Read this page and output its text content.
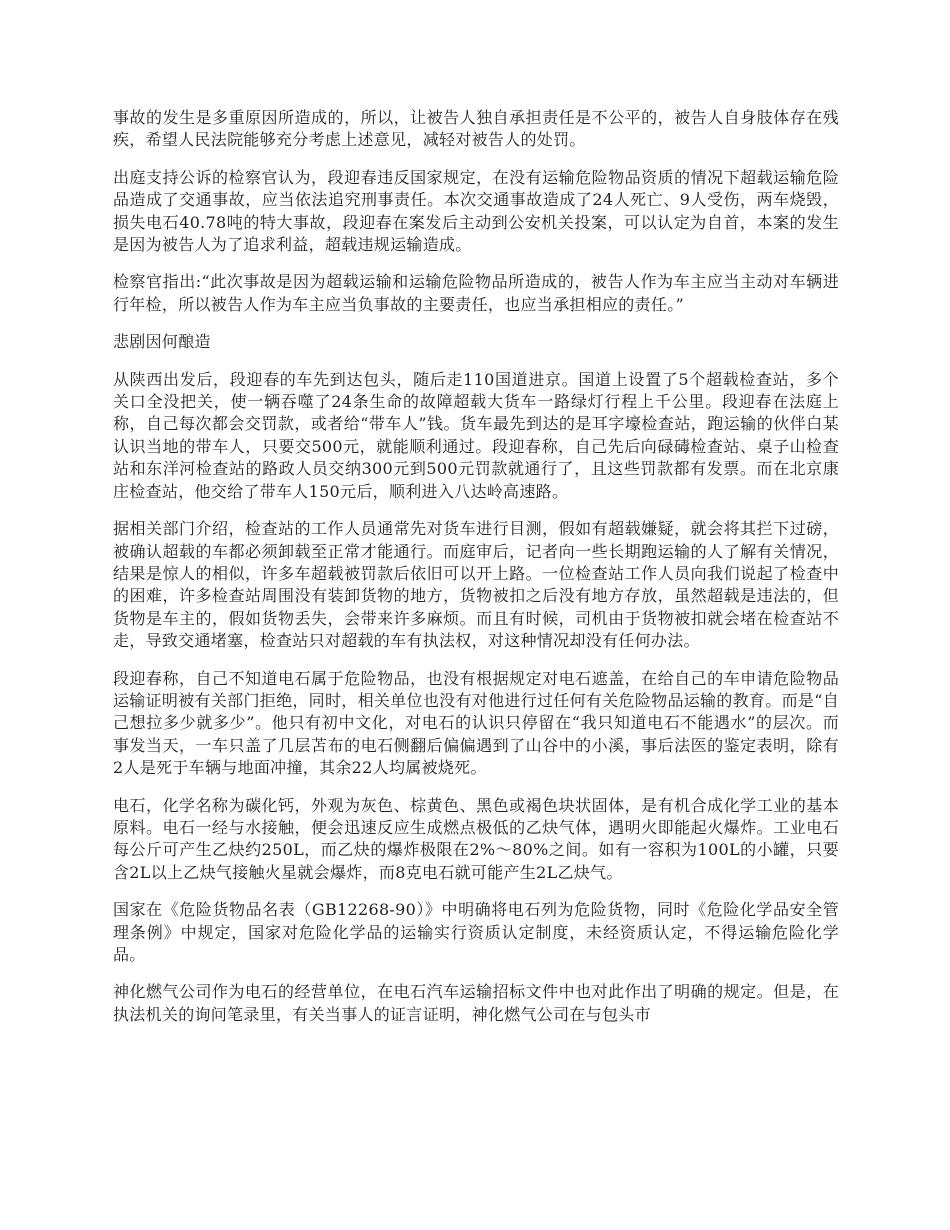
事故的发生是多重原因所造成的，所以，让被告人独自承担责任是不公平的，被告人自身肢体存在残疾，希望人民法院能够充分考虑上述意见，减轻对被告人的处罚。

出庭支持公诉的检察官认为，段迎春违反国家规定，在没有运输危险物品资质的情况下超载运输危险品造成了交通事故，应当依法追究刑事责任。本次交通事故造成了24人死亡、9人受伤，两车烧毁，损失电石40.78吨的特大事故，段迎春在案发后主动到公安机关投案，可以认定为自首，本案的发生是因为被告人为了追求利益，超载违规运输造成。

检察官指出:“此次事故是因为超载运输和运输危险物品所造成的，被告人作为车主应当主动对车辆进行年检，所以被告人作为车主应当负事故的主要责任，也应当承担相应的责任。”

悲剧因何酿造

从陕西出发后，段迎春的车先到达包头，随后走110国道进京。国道上设置了5个超载检查站，多个关口全没把关，使一辆吞噬了24条生命的故障超载大货车一路绿灯行程上千公里。段迎春在法庭上称，自己每次都会交罚款，或者给“带车人”钱。货车最先到达的是耳字壕检查站，跑运输的伙伴白某认识当地的带车人，只要交500元，就能顺利通过。段迎春称，自己先后向碌碡检查站、桌子山检查站和东洋河检查站的路政人员交纳300元到500元罚款就通行了，且这些罚款都有发票。而在北京康庄检查站，他交给了带车人150元后，顺利进入八达岭高速路。

据相关部门介绍，检查站的工作人员通常先对货车进行目测，假如有超载嫌疑，就会将其拦下过磅，被确认超载的车都必须卸载至正常才能通行。而庭审后，记者向一些长期跑运输的人了解有关情况，结果是惊人的相似，许多车超载被罚款后依旧可以开上路。一位检查站工作人员向我们说起了检查中的困难，许多检查站周围没有装卸货物的地方，货物被扣之后没有地方存放，虽然超载是违法的，但货物是车主的，假如货物丢失，会带来许多麻烦。而且有时候，司机由于货物被扣就会堵在检查站不走，导致交通堵塞，检查站只对超载的车有执法权，对这种情况却没有任何办法。

段迎春称，自己不知道电石属于危险物品，也没有根据规定对电石遮盖，在给自己的车申请危险物品运输证明被有关部门拒绝，同时，相关单位也没有对他进行过任何有关危险物品运输的教育。而是“自己想拉多少就多少”。他只有初中文化，对电石的认识只停留在“我只知道电石不能遇水”的层次。而事发当天，一车只盖了几层苫布的电石侧翻后偏偏遇到了山谷中的小溪，事后法医的鉴定表明，除有2人是死于车辆与地面冲撞，其余22人均属被烧死。

电石，化学名称为碳化钙，外观为灰色、棕黄色、黑色或褐色块状固体，是有机合成化学工业的基本原料。电石一经与水接触，便会迅速反应生成燃点极低的乙炔气体，遇明火即能起火爆炸。工业电石每公斤可产生乙炔约250L，而乙炔的爆炸极限在2%～80%之间。如有一容积为100L的小罐，只要含2L以上乙炔气接触火星就会爆炸，而8克电石就可能产生2L乙炔气。

国家在《危险货物品名表（GB12268-90）》中明确将电石列为危险货物，同时《危险化学品安全管理条例》中规定，国家对危险化学品的运输实行资质认定制度，未经资质认定，不得运输危险化学品。

神化燃气公司作为电石的经营单位，在电石汽车运输招标文件中也对此作出了明确的规定。但是，在执法机关的询问笔录里，有关当事人的证言证明，神化燃气公司在与包头市
